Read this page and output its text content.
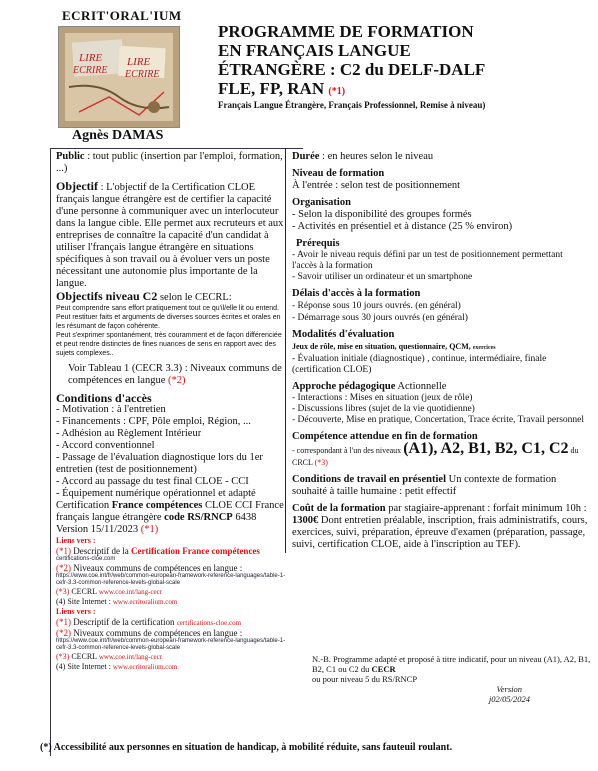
ECRIT'ORAL'IUM
LIRE
ECRIRE
LIRE
ECRIRE
Agnès DAMAS
PROGRAMME DE FORMATION
EN FRANÇAIS LANGUE
ÉTRANGÈRE : C2 du DELF-DALF
FLE, FP, RAN (*1)
Français Langue Étrangère, Français Professionnel, Remise à niveau)

Public : tout public (insertion par l'emploi, formation, ...)

Objectif : L'objectif de la Certification CLOE français langue étrangère est de certifier la capacité d'une personne à communiquer avec un interlocuteur dans la langue cible. Elle permet aux recruteurs et aux entreprises de connaître la capacité d'un candidat à utiliser l'français langue étrangère en situations spécifiques à son travail ou à évoluer vers un poste nécessitant une autonomie plus importante de la langue.

Objectifs niveau C2 selon le CECRL:

Peut comprendre sans effort pratiquement tout ce qu'il/elle lit ou entend.

Peut restituer faits et arguments de diverses sources écrites et orales en les résumant de façon cohérente.

Peut s'exprimer spontanément, très couramment et de façon différenciée et peut rendre distinctes de fines nuances de sens en rapport avec des sujets complexes..

Voir Tableau 1 (CECR 3.3) : Niveaux communs de compétences en langue (*2)

Conditions d'accès

- Motivation : à l'entretien

- Financements : CPF, Pôle emploi, Région, ...

- Adhésion au Règlement Intérieur

- Accord conventionnel

- Passage de l'évaluation diagnostique lors du 1er entretien (test de positionnement)

- Accord au passage du test final CLOE - CCI

- Équipement numérique opérationnel et adapté

Certification France compétences CLOE CCI France français langue étrangère code RS/RNCP 6438 Version 15/11/2023 (*1)

Liens vers :

(*1) Descriptif de la Certification France compétences

certifications-cloe.com

(*2) Niveaux communs de compétences en langue :

https://www.coe.int/fr/web/common-european-framework-reference-languages/table-1-cefr-3.3-common-reference-levels-global-scale

(*3) CECRL www.coe.int/lang-cecr

(4) Site Internet : www.ecritoralium.com

Liens vers :

(*1) Descriptif de la certification certifications-cloe.com

(*2) Niveaux communs de compétences en langue :

https://www.coe.int/fr/web/common-european-framework-reference-languages/table-1-cefr-3.3-common-reference-levels-global-scale

(*3) CECRL www.coe.int/lang-cecr

(4) Site Internet : www.ecritoralium.com

Durée : en heures selon le niveau

Niveau de formation

À l'entrée : selon test de positionnement

Organisation

- Selon la disponibilité des groupes formés

- Activités en présentiel et à distance (25 % environ)

Prérequis

- Avoir le niveau requis défini par un test de positionnement permettant l'accès à la formation

- Savoir utiliser un ordinateur et un smartphone

Délais d'accès à la formation

- Réponse sous 10 jours ouvrés. (en général)

- Démarrage sous 30 jours ouvrés (en général)

Modalités d'évaluation

Jeux de rôle, mise en situation, questionnaire, QCM, exercices

- Évaluation initiale (diagnostique) , continue, intermédiaire, finale (certification CLOE)

Approche pédagogique Actionnelle

- Interactions : Mises en situation (jeux de rôle)

- Discussions libres (sujet de la vie quotidienne)

- Découverte, Mise en pratique, Concertation, Trace écrite, Travail personnel

Compétence attendue en fin de formation

- correspondant à l'un des niveaux (A1), A2, B1, B2, C1, C2 du CRCL (*3)

Conditions de travail en présentiel Un contexte de formation souhaité à taille humaine : petit effectif

Coût de la formation par stagiaire-apprenant : forfait minimum 10h : 1300€ Dont entretien préalable, inscription, frais administratifs, cours, exercices, suivi, préparation, épreuve d'examen (préparation, passage, suivi, certification CLOE, aide à l'inscription au TEF).

N.-B. Programme adapté et proposé à titre indicatif, pour un niveau (A1), A2, B1, B2, C1 ou C2 du CECR

ou pour niveau 5 du RS/RNCP

Version

j02/05/2024

(*) Accessibilité aux personnes en situation de handicap, à mobilité réduite, sans fauteuil roulant.
